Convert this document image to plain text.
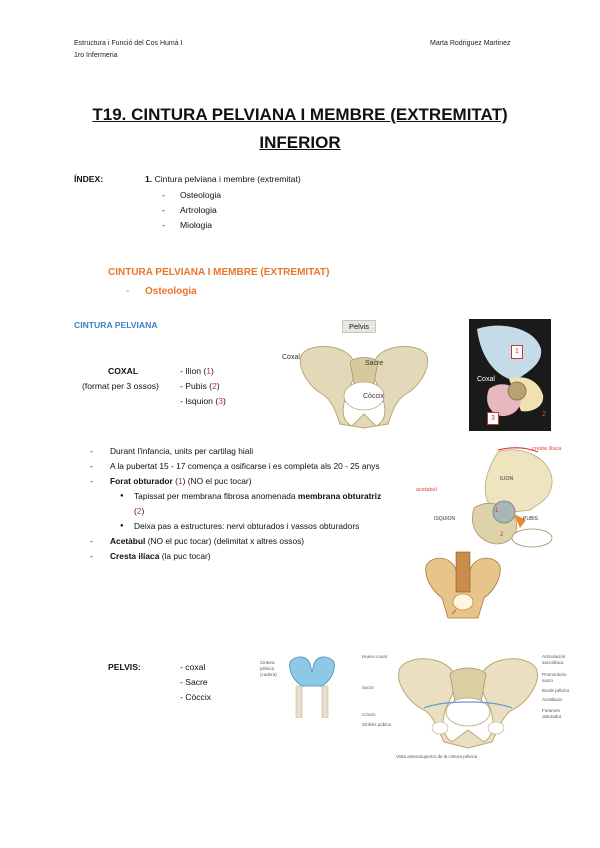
Estructura i Funció del Cos Humà I
1ro Infermeria
Marta Rodriguez Martinez
T19. CINTURA PELVIANA I MEMBRE (EXTREMITAT)
INFERIOR
ÍNDEX:	1. Cintura pelviana i membre (extremitat)
- Osteologia
- Artrologia
- Miologia
CINTURA PELVIANA I MEMBRE (EXTREMITAT)
- Osteologia
CINTURA PELVIANA
COXAL
(format per 3 ossos)
- Ilion (1)
- Pubis (2)
- Isquion (3)
Pelvis
Coxal
Sacre
Còccix
1
Coxal
3
2
cresta ilíaca
acetabul
ILION
ISQUION	PUBIS
1
2
- Durant l'infancia, units per cartilag hiali
- A la pubertat 15 - 17 comença a osificarse i es completa als 20 - 25 anys
- Forat obturador (1) (NO el puc tocar)
● Tapissat per membrana fibrosa anomenada membrana obturatriz (2)
● Deixa pas a estructures: nervi obturados i vassos obturadors
- Acetàbul (NO el puc tocar) (delimitat x altres ossos)
- Cresta ilíaca (la puc tocar)
PELVIS:	- coxal
- Sacre
- Còccix
Cintura
pélvica
(cadera)
Hueso coxal
Sacro
Cóccix
Sínfisis púbica
Articulación sacroilíaca
Promontorio sacro
Borde pélvico
Acetábulo
Foramen obturador
Vista anterosuperior de la cintura pélvica
